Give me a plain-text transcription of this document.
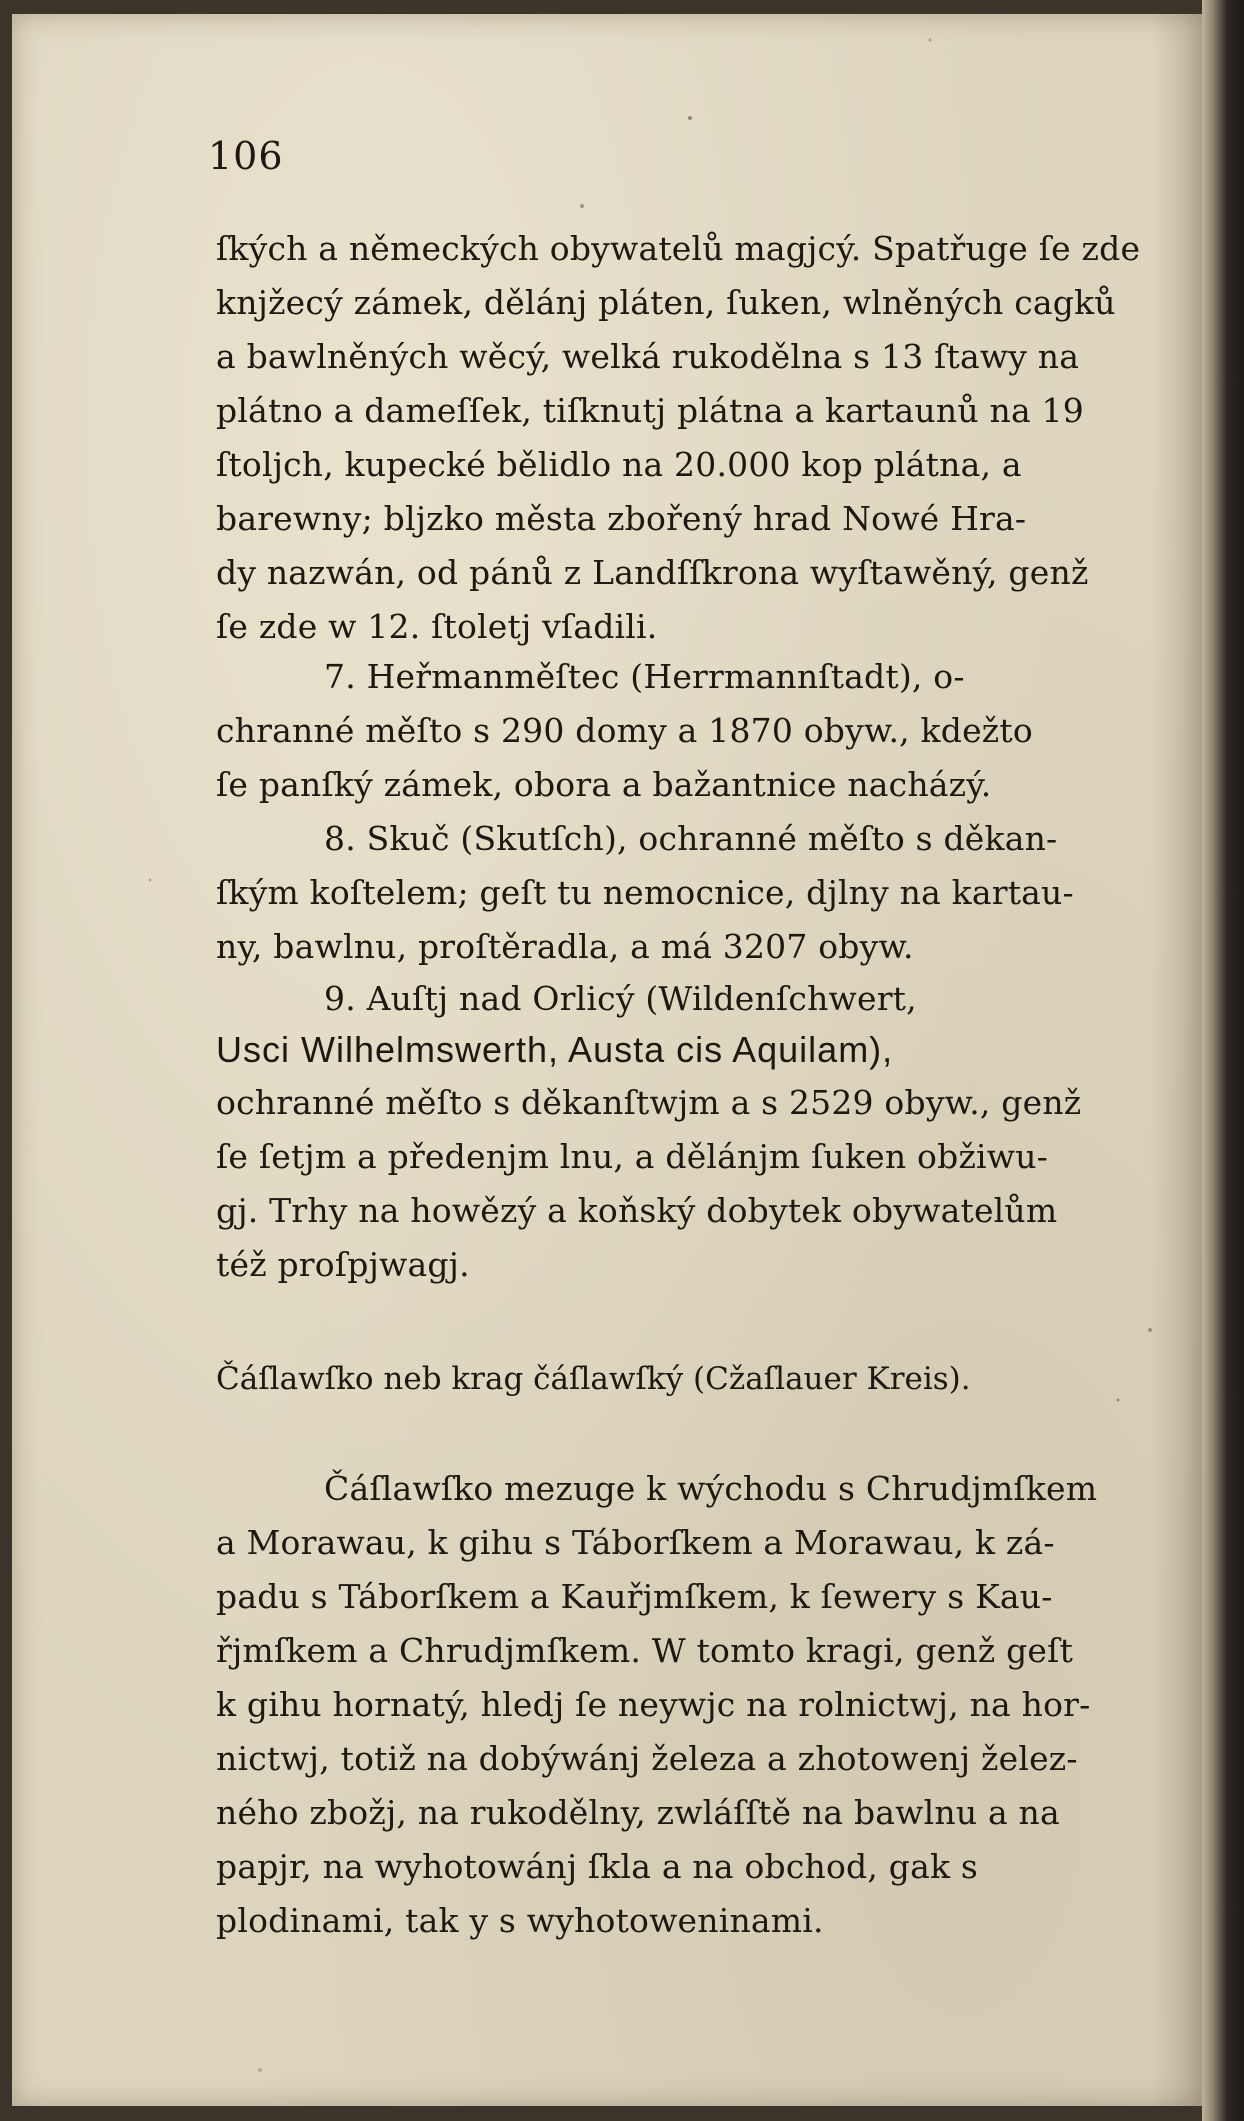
106
ſkých a německých obywatelů magjcý. Spatřuge ſe zde
knjžecý zámek, dělánj pláten, ſuken, wlněných cagků
a bawlněných wěcý, welká rukodělna s 13 ſtawy na
plátno a dameſſek, tiſknutj plátna a kartaunů na 19
ſtoljch, kupecké bělidlo na 20.000 kop plátna, a
barewny; bljzko města zbořený hrad Nowé Hra-
dy nazwán, od pánů z Landſſkrona wyſtawěný, genž
ſe zde w 12. ſtoletj vſadili.
7. Heřmanměſtec (Herrmannſtadt), o-
chranné měſto s 290 domy a 1870 obyw., kdežto
ſe panſký zámek, obora a bažantnice nacházý.
8. Skuč (Skutſch), ochranné měſto s děkan-
ſkým koſtelem; geſt tu nemocnice, djlny na kartau-
ny, bawlnu, proſtěradla, a má 3207 obyw.
9. Auſtj nad Orlicý (Wildenſchwert,
Usci Wilhelmswerth, Austa cis Aquilam),
ochranné měſto s děkanſtwjm a s 2529 obyw., genž
ſe ſetjm a předenjm lnu, a dělánjm ſuken obžiwu-
gj. Trhy na howězý a koňský dobytek obywatelům
též proſpjwagj.
Čáſlawſko neb krag čáſlawſký (Cžaſlauer Kreis).
Čáſlawſko mezuge k wýchodu s Chrudjmſkem
a Morawau, k gihu s Táborſkem a Morawau, k zá-
padu s Táborſkem a Kauřjmſkem, k ſewerу s Kau-
řjmſkem a Chrudjmſkem. W tomto kragi, genž geſt
k gihu hornatý, hledj ſe neywjc na rolnictwj, na hor-
nictwj, totiž na dobýwánj železa a zhotowenj želez-
ného zbožj, na rukodělny, zwláſſtě na bawlnu a na
papjr, na wyhotowánj ſkla a na obchod, gak s
plodinami, tak y s wyhotoweninami.
